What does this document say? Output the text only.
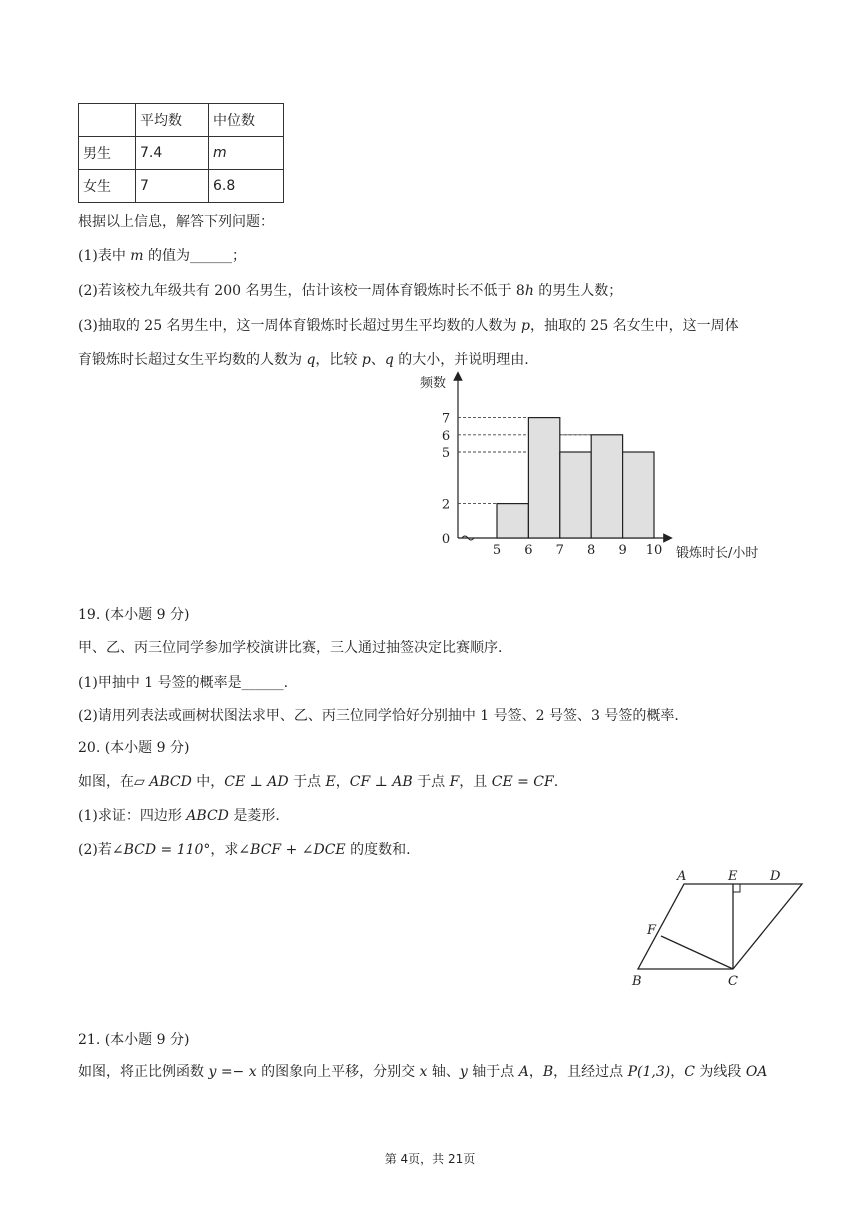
	平均数	中位数
男生	7.4	m
女生	7	6.8
根据以上信息，解答下列问题：
(1)表中 m 的值为______；
(2)若该校九年级共有 200 名男生，估计该校一周体育锻炼时长不低于 8h 的男生人数；
(3)抽取的 25 名男生中，这一周体育锻炼时长超过男生平均数的人数为 p，抽取的 25 名女生中，这一周体
育锻炼时长超过女生平均数的人数为 q，比较 p、q 的大小，并说明理由.
0
2
5
6
7
5 6 7 8 9 10
频数
锻炼时长/小时
19. (本小题 9 分)
甲、乙、丙三位同学参加学校演讲比赛，三人通过抽签决定比赛顺序.
(1)甲抽中 1 号签的概率是______.
(2)请用列表法或画树状图法求甲、乙、丙三位同学恰好分别抽中 1 号签、2 号签、3 号签的概率.
20. (本小题 9 分)
如图，在▱ ABCD 中，CE ⊥ AD 于点 E，CF ⊥ AB 于点 F，且 CE = CF.
(1)求证：四边形 ABCD 是菱形.
(2)若∠BCD = 110°，求∠BCF + ∠DCE 的度数和.
A	E	D
F
B	C
21. (本小题 9 分)
如图，将正比例函数 y =− x 的图象向上平移，分别交 x 轴、y 轴于点 A，B，且经过点 P(1,3)，C 为线段 OA
第 4页，共 21页
